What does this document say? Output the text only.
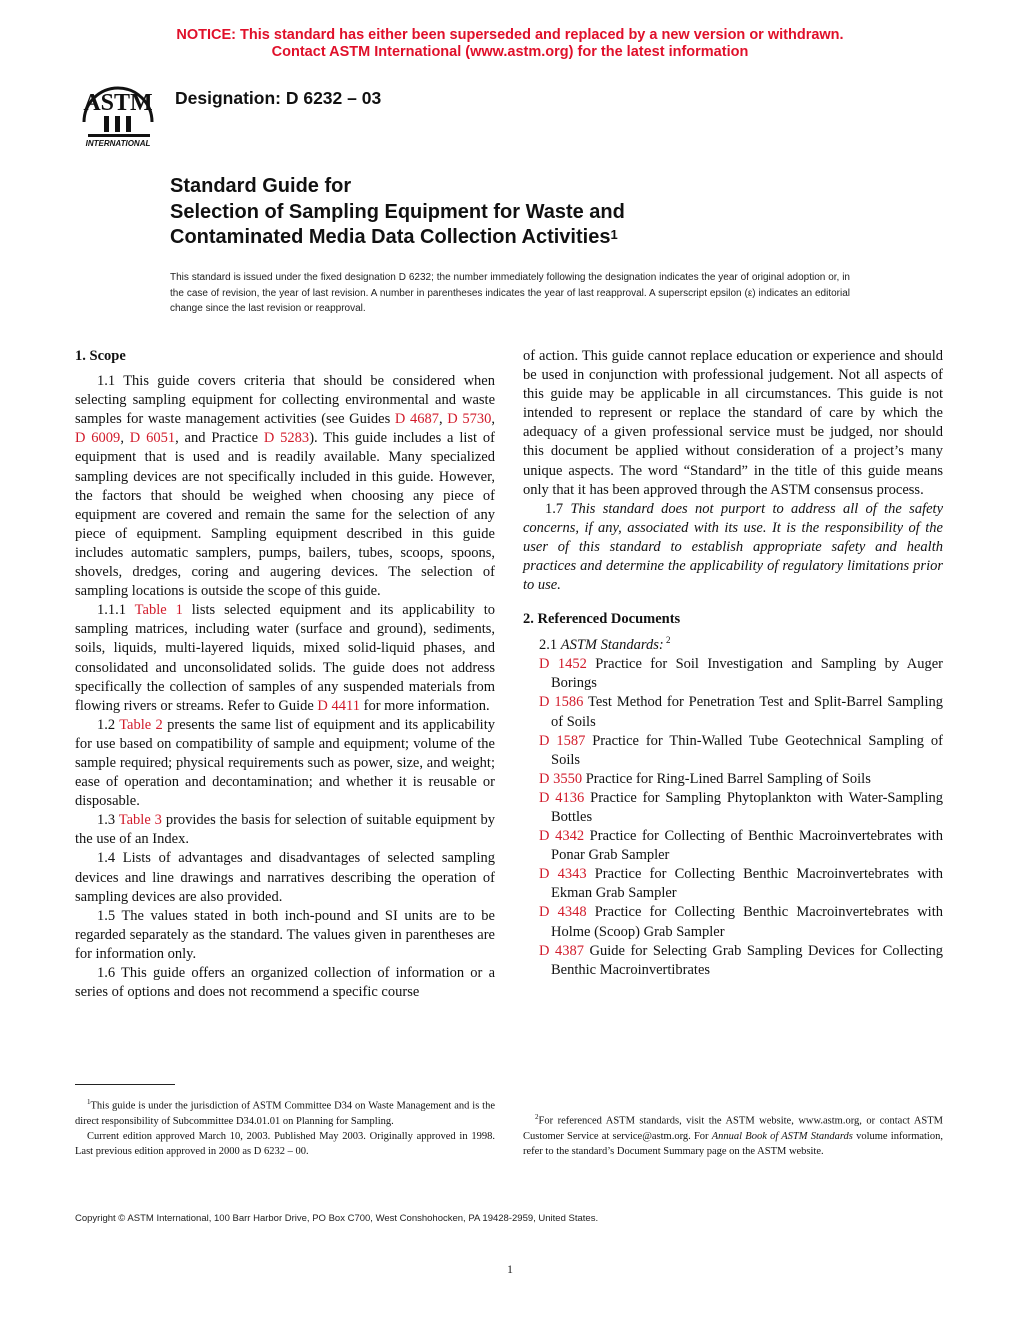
NOTICE: This standard has either been superseded and replaced by a new version or withdrawn.
Contact ASTM International (www.astm.org) for the latest information
ASTM
INTERNATIONAL
Designation: D 6232 – 03
Standard Guide for
Selection of Sampling Equipment for Waste and
Contaminated Media Data Collection Activities$^1$
This standard is issued under the fixed designation D 6232; the number immediately following the designation indicates the year of original adoption or, in the case of revision, the year of last revision. A number in parentheses indicates the year of last reapproval. A superscript epsilon (ε) indicates an editorial change since the last revision or reapproval.
1. Scope

1.1 This guide covers criteria that should be considered when selecting sampling equipment for collecting environmental and waste samples for waste management activities (see Guides D 4687, D 5730, D 6009, D 6051, and Practice D 5283). This guide includes a list of equipment that is used and is readily available. Many specialized sampling devices are not specifically included in this guide. However, the factors that should be weighed when choosing any piece of equipment are covered and remain the same for the selection of any piece of equipment. Sampling equipment described in this guide includes automatic samplers, pumps, bailers, tubes, scoops, spoons, shovels, dredges, coring and augering devices. The selection of sampling locations is outside the scope of this guide.

1.1.1 Table 1 lists selected equipment and its applicability to sampling matrices, including water (surface and ground), sediments, soils, liquids, multi-layered liquids, mixed solid-liquid phases, and consolidated and unconsolidated solids. The guide does not address specifically the collection of samples of any suspended materials from flowing rivers or streams. Refer to Guide D 4411 for more information.

1.2 Table 2 presents the same list of equipment and its applicability for use based on compatibility of sample and equipment; volume of the sample required; physical requirements such as power, size, and weight; ease of operation and decontamination; and whether it is reusable or disposable.

1.3 Table 3 provides the basis for selection of suitable equipment by the use of an Index.

1.4 Lists of advantages and disadvantages of selected sampling devices and line drawings and narratives describing the operation of sampling devices are also provided.

1.5 The values stated in both inch-pound and SI units are to be regarded separately as the standard. The values given in parentheses are for information only.

1.6 This guide offers an organized collection of information or a series of options and does not recommend a specific course

of action. This guide cannot replace education or experience and should be used in conjunction with professional judgement. Not all aspects of this guide may be applicable in all circumstances. This guide is not intended to represent or replace the standard of care by which the adequacy of a given professional service must be judged, nor should this document be applied without consideration of a project’s many unique aspects. The word “Standard” in the title of this guide means only that it has been approved through the ASTM consensus process.

1.7 This standard does not purport to address all of the safety concerns, if any, associated with its use. It is the responsibility of the user of this standard to establish appropriate safety and health practices and determine the applicability of regulatory limitations prior to use.

2. Referenced Documents

2.1 ASTM Standards: $^2$

D 1452 Practice for Soil Investigation and Sampling by Auger Borings

D 1586 Test Method for Penetration Test and Split-Barrel Sampling of Soils

D 1587 Practice for Thin-Walled Tube Geotechnical Sampling of Soils

D 3550 Practice for Ring-Lined Barrel Sampling of Soils

D 4136 Practice for Sampling Phytoplankton with Water-Sampling Bottles

D 4342 Practice for Collecting of Benthic Macroinvertebrates with Ponar Grab Sampler

D 4343 Practice for Collecting Benthic Macroinvertebrates with Ekman Grab Sampler

D 4348 Practice for Collecting Benthic Macroinvertebrates with Holme (Scoop) Grab Sampler

D 4387 Guide for Selecting Grab Sampling Devices for Collecting Benthic Macroinvertibrates

$^1$This guide is under the jurisdiction of ASTM Committee D34 on Waste Management and is the direct responsibility of Subcommittee D34.01.01 on Planning for Sampling.

Current edition approved March 10, 2003. Published May 2003. Originally approved in 1998. Last previous edition approved in 2000 as D 6232 – 00.

$^2$For referenced ASTM standards, visit the ASTM website, www.astm.org, or contact ASTM Customer Service at service@astm.org. For Annual Book of ASTM Standards volume information, refer to the standard’s Document Summary page on the ASTM website.

Copyright © ASTM International, 100 Barr Harbor Drive, PO Box C700, West Conshohocken, PA 19428-2959, United States.
1
